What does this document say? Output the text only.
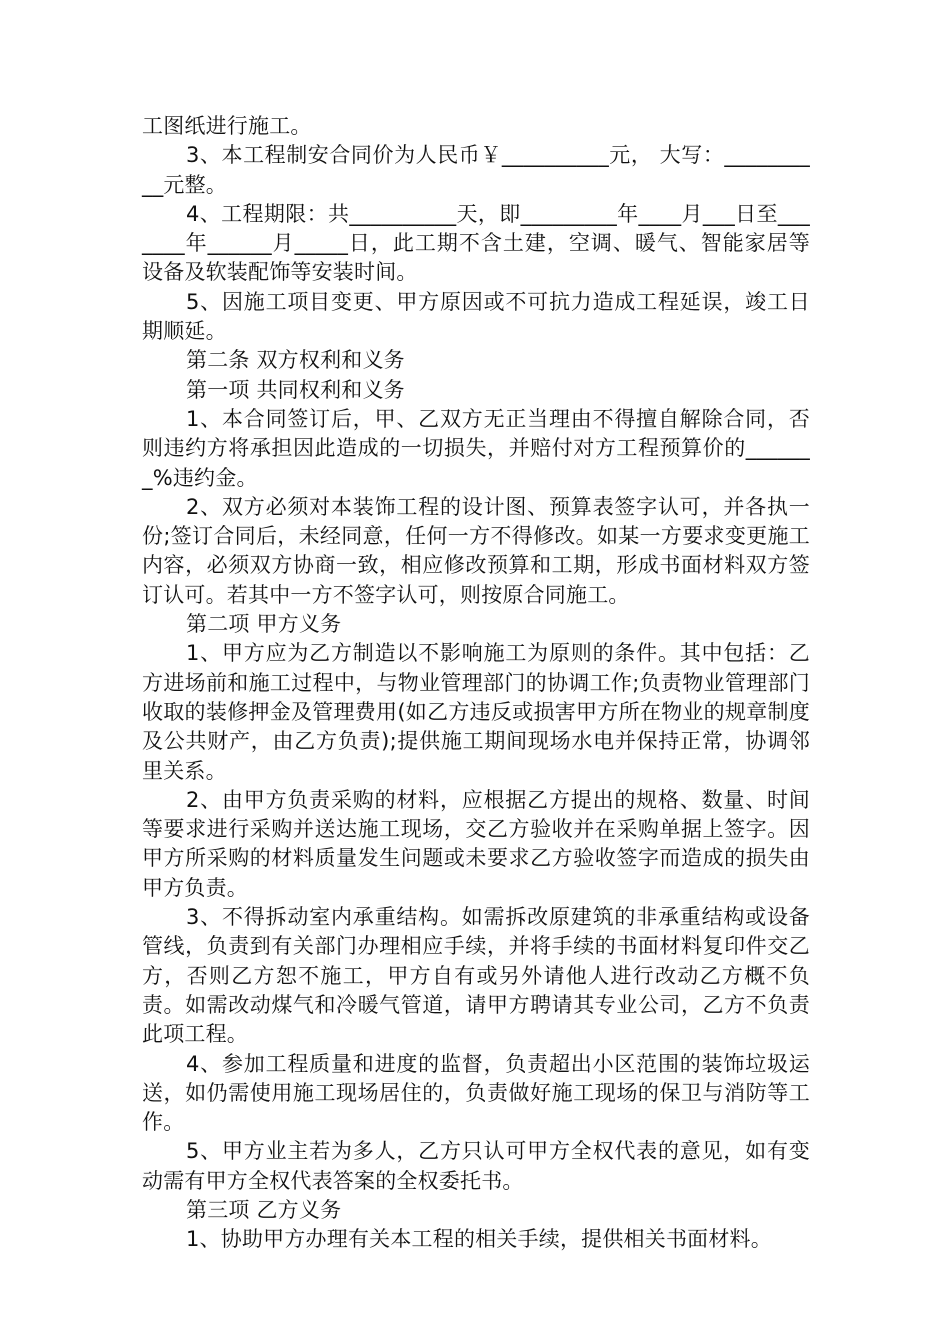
工图纸进行施工。

3、本工程制安合同价为人民币￥__________元， 大写：__________元整。

4、工程期限：共__________天，即_________年____月___日至_______年______月_____日，此工期不含土建，空调、暖气、智能家居等设备及软装配饰等安装时间。

5、因施工项目变更、甲方原因或不可抗力造成工程延误，竣工日期顺延。

第二条 双方权利和义务

第一项 共同权利和义务

1、本合同签订后，甲、乙双方无正当理由不得擅自解除合同，否则违约方将承担因此造成的一切损失，并赔付对方工程预算价的_______%违约金。

2、双方必须对本装饰工程的设计图、预算表签字认可，并各执一份;签订合同后，未经同意，任何一方不得修改。如某一方要求变更施工内容，必须双方协商一致，相应修改预算和工期，形成书面材料双方签订认可。若其中一方不签字认可，则按原合同施工。

第二项 甲方义务

1、甲方应为乙方制造以不影响施工为原则的条件。其中包括：乙方进场前和施工过程中，与物业管理部门的协调工作;负责物业管理部门收取的装修押金及管理费用(如乙方违反或损害甲方所在物业的规章制度及公共财产，由乙方负责);提供施工期间现场水电并保持正常，协调邻里关系。

2、由甲方负责采购的材料，应根据乙方提出的规格、数量、时间等要求进行采购并送达施工现场，交乙方验收并在采购单据上签字。因甲方所采购的材料质量发生问题或未要求乙方验收签字而造成的损失由甲方负责。

3、不得拆动室内承重结构。如需拆改原建筑的非承重结构或设备管线，负责到有关部门办理相应手续，并将手续的书面材料复印件交乙方，否则乙方恕不施工，甲方自有或另外请他人进行改动乙方概不负责。如需改动煤气和冷暖气管道，请甲方聘请其专业公司，乙方不负责此项工程。

4、参加工程质量和进度的监督，负责超出小区范围的装饰垃圾运送，如仍需使用施工现场居住的，负责做好施工现场的保卫与消防等工作。

5、甲方业主若为多人，乙方只认可甲方全权代表的意见，如有变动需有甲方全权代表答案的全权委托书。

第三项 乙方义务

1、协助甲方办理有关本工程的相关手续，提供相关书面材料。
